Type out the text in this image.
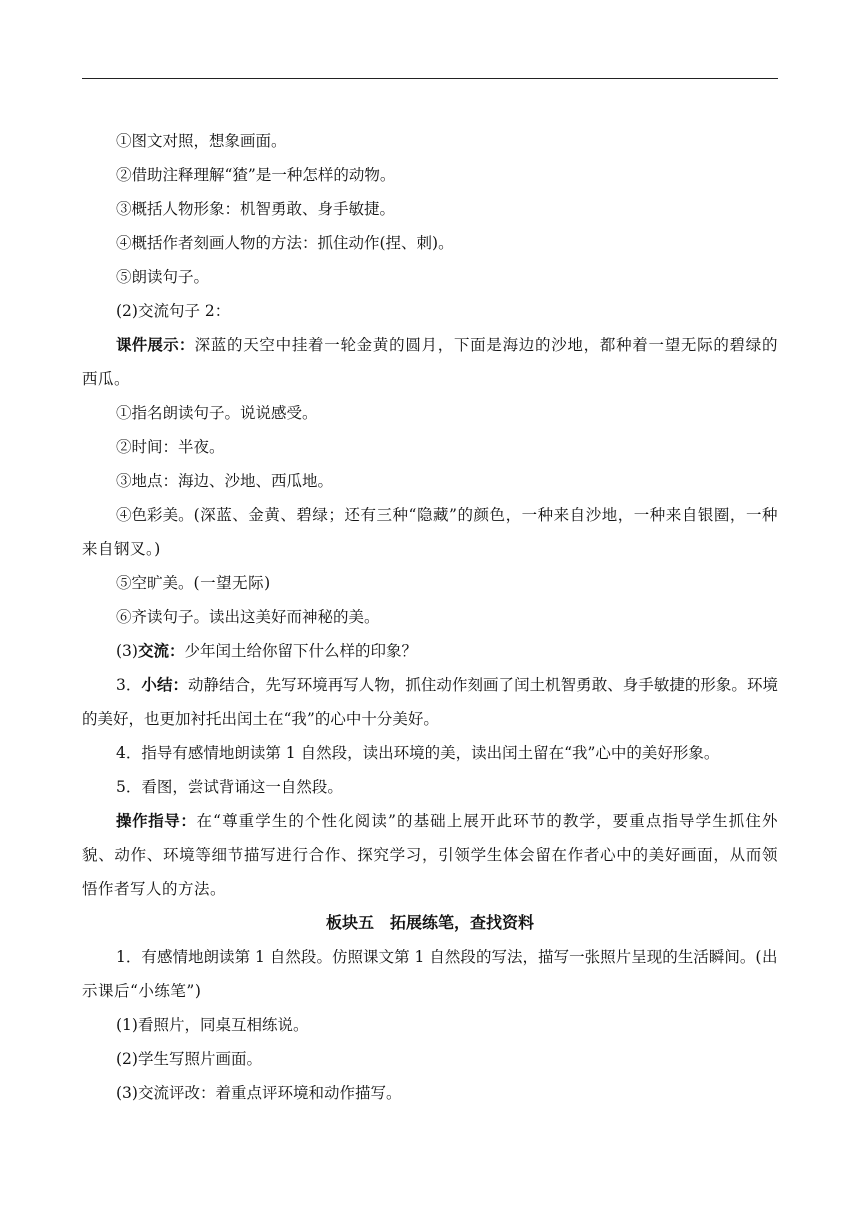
①图文对照，想象画面。

②借助注释理解“猹”是一种怎样的动物。

③概括人物形象：机智勇敢、身手敏捷。

④概括作者刻画人物的方法：抓住动作(捏、刺)。

⑤朗读句子。

(2)交流句子 2：

课件展示：深蓝的天空中挂着一轮金黄的圆月，下面是海边的沙地，都种着一望无际的碧绿的西瓜。

①指名朗读句子。说说感受。

②时间：半夜。

③地点：海边、沙地、西瓜地。

④色彩美。(深蓝、金黄、碧绿；还有三种“隐藏”的颜色，一种来自沙地，一种来自银圈，一种来自钢叉。)

⑤空旷美。(一望无际)

⑥齐读句子。读出这美好而神秘的美。

(3)交流：少年闰土给你留下什么样的印象？

3．小结：动静结合，先写环境再写人物，抓住动作刻画了闰土机智勇敢、身手敏捷的形象。环境的美好，也更加衬托出闰土在“我”的心中十分美好。

4．指导有感情地朗读第 1 自然段，读出环境的美，读出闰土留在“我”心中的美好形象。

5．看图，尝试背诵这一自然段。

操作指导：在“尊重学生的个性化阅读”的基础上展开此环节的教学，要重点指导学生抓住外貌、动作、环境等细节描写进行合作、探究学习，引领学生体会留在作者心中的美好画面，从而领悟作者写人的方法。

板块五　拓展练笔，查找资料

1．有感情地朗读第 1 自然段。仿照课文第 1 自然段的写法，描写一张照片呈现的生活瞬间。(出示课后“小练笔”)

(1)看照片，同桌互相练说。

(2)学生写照片画面。

(3)交流评改：着重点评环境和动作描写。
